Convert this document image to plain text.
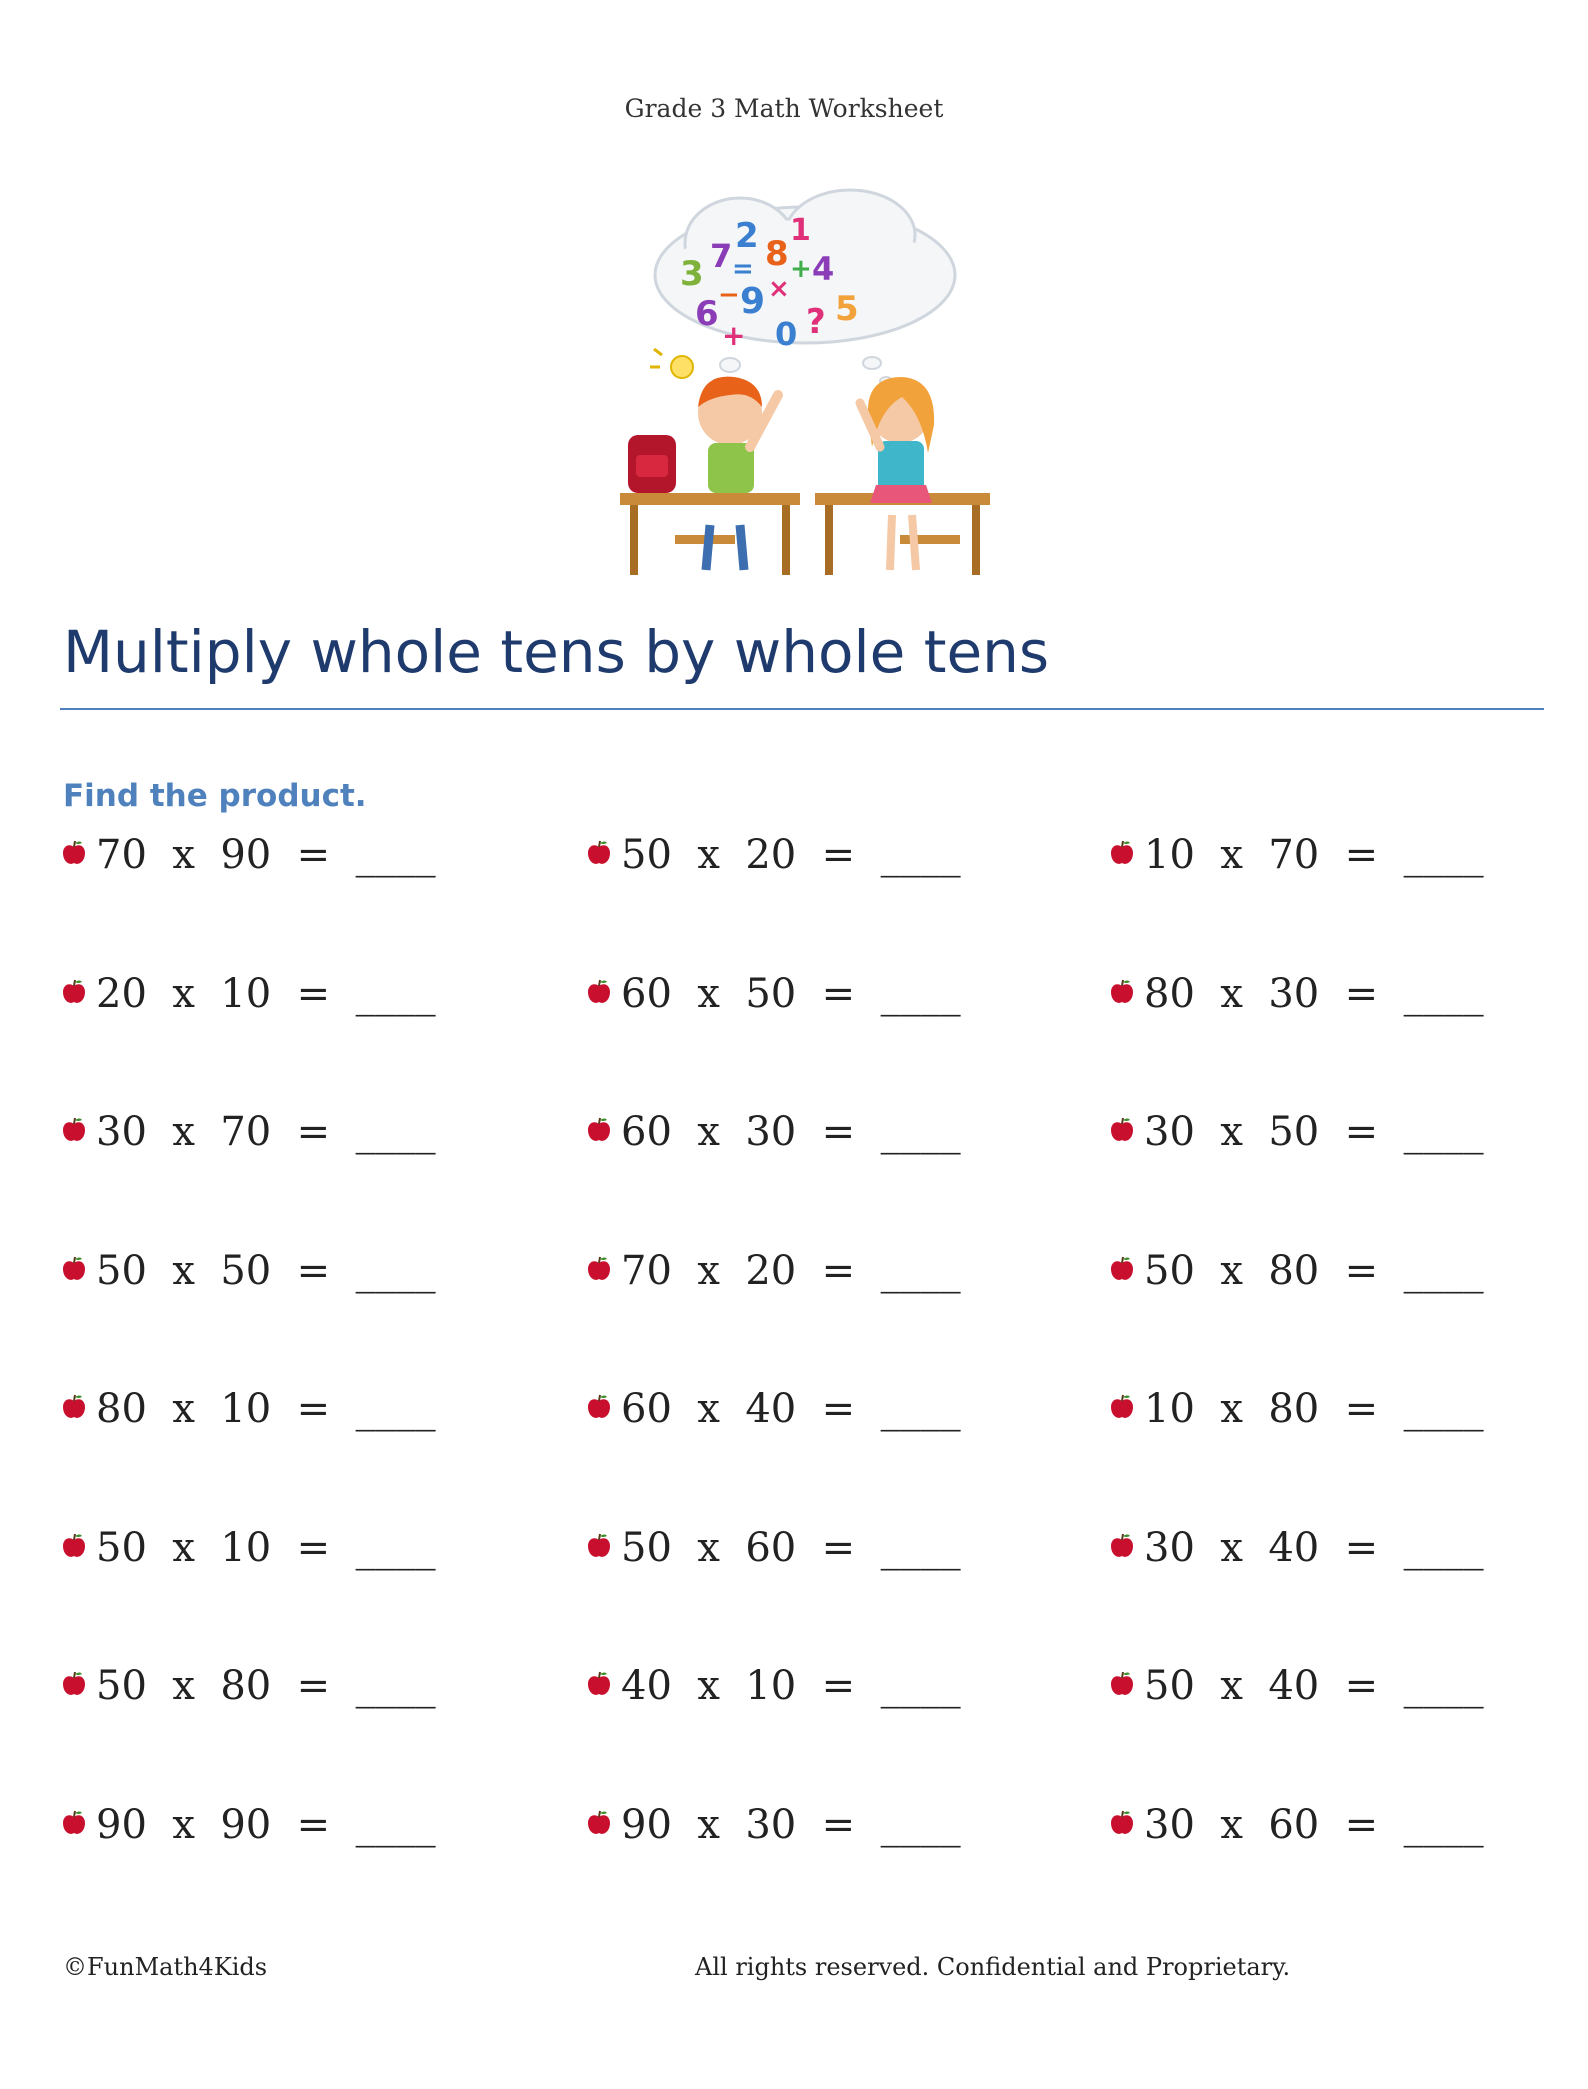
Grade 3 Math Worksheet
3 7 2
= 8
1
+ 4
− 9 ×
6
+ 0 ? 5
Multiply whole tens by whole tens
Find the product.
70  x  90  =  ____	50  x  20  =  ____	10  x  70  =  ____
20  x  10  =  ____	60  x  50  =  ____	80  x  30  =  ____
30  x  70  =  ____	60  x  30  =  ____	30  x  50  =  ____
50  x  50  =  ____	70  x  20  =  ____	50  x  80  =  ____
80  x  10  =  ____	60  x  40  =  ____	10  x  80  =  ____
50  x  10  =  ____	50  x  60  =  ____	30  x  40  =  ____
50  x  80  =  ____	40  x  10  =  ____	50  x  40  =  ____
90  x  90  =  ____	90  x  30  =  ____	30  x  60  =  ____
©FunMath4Kids	All rights reserved. Confidential and Proprietary.
